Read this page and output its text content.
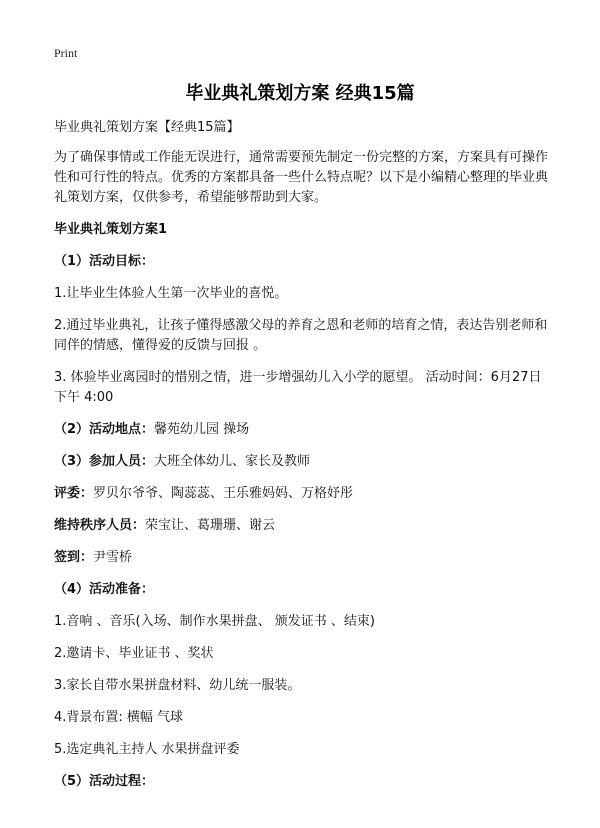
Print
毕业典礼策划方案 经典15篇
毕业典礼策划方案【经典15篇】
为了确保事情或工作能无误进行，通常需要预先制定一份完整的方案，方案具有可操作性和可行性的特点。优秀的方案都具备一些什么特点呢？以下是小编精心整理的毕业典礼策划方案，仅供参考，希望能够帮助到大家。
毕业典礼策划方案1
（1）活动目标：
1.让毕业生体验人生第一次毕业的喜悦。
2.通过毕业典礼，让孩子懂得感激父母的养育之恩和老师的培育之情，表达告别老师和同伴的情感，懂得爱的反馈与回报 。
3. 体验毕业离园时的惜别之情，进一步增强幼儿入小学的愿望。 活动时间：6月27日下午 4:00
（2）活动地点：馨苑幼儿园 操场
（3）参加人员：大班全体幼儿、家长及教师
评委：罗贝尔爷爷、陶蕊蕊、王乐雅妈妈、万格妤彤
维持秩序人员：荣宝让、葛珊珊、谢云
签到：尹雪桥
（4）活动准备：
1.音响 、音乐(入场、制作水果拼盘、 颁发证书 、结束)
2.邀请卡、毕业证书 、奖状
3.家长自带水果拼盘材料、幼儿统一服装。
4.背景布置: 横幅 气球
5.选定典礼主持人 水果拼盘评委
（5）活动过程：
